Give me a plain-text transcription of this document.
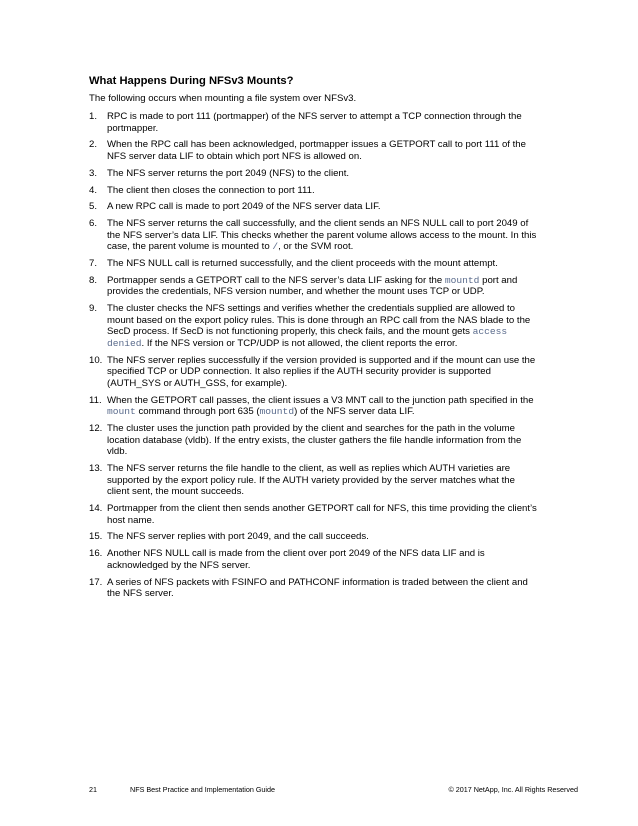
What Happens During NFSv3 Mounts?
The following occurs when mounting a file system over NFSv3.
1. RPC is made to port 111 (portmapper) of the NFS server to attempt a TCP connection through the
portmapper.
2. When the RPC call has been acknowledged, portmapper issues a GETPORT call to port 111 of the
NFS server data LIF to obtain which port NFS is allowed on.
3. The NFS server returns the port 2049 (NFS) to the client.
4. The client then closes the connection to port 111.
5. A new RPC call is made to port 2049 of the NFS server data LIF.
6. The NFS server returns the call successfully, and the client sends an NFS NULL call to port 2049 of
the NFS server’s data LIF. This checks whether the parent volume allows access to the mount. In this
case, the parent volume is mounted to /, or the SVM root.
7. The NFS NULL call is returned successfully, and the client proceeds with the mount attempt.
8. Portmapper sends a GETPORT call to the NFS server’s data LIF asking for the mountd port and
provides the credentials, NFS version number, and whether the mount uses TCP or UDP.
9. The cluster checks the NFS settings and verifies whether the credentials supplied are allowed to
mount based on the export policy rules. This is done through an RPC call from the NAS blade to the
SecD process. If SecD is not functioning properly, this check fails, and the mount gets access
denied. If the NFS version or TCP/UDP is not allowed, the client reports the error.
10. The NFS server replies successfully if the version provided is supported and if the mount can use the
specified TCP or UDP connection. It also replies if the AUTH security provider is supported
(AUTH_SYS or AUTH_GSS, for example).
11. When the GETPORT call passes, the client issues a V3 MNT call to the junction path specified in the
mount command through port 635 (mountd) of the NFS server data LIF.
12. The cluster uses the junction path provided by the client and searches for the path in the volume
location database (vldb). If the entry exists, the cluster gathers the file handle information from the
vldb.
13. The NFS server returns the file handle to the client, as well as replies which AUTH varieties are
supported by the export policy rule. If the AUTH variety provided by the server matches what the
client sent, the mount succeeds.
14. Portmapper from the client then sends another GETPORT call for NFS, this time providing the client’s
host name.
15. The NFS server replies with port 2049, and the call succeeds.
16. Another NFS NULL call is made from the client over port 2049 of the NFS data LIF and is
acknowledged by the NFS server.
17. A series of NFS packets with FSINFO and PATHCONF information is traded between the client and
the NFS server.
21	NFS Best Practice and Implementation Guide	© 2017 NetApp, Inc. All Rights Reserved
